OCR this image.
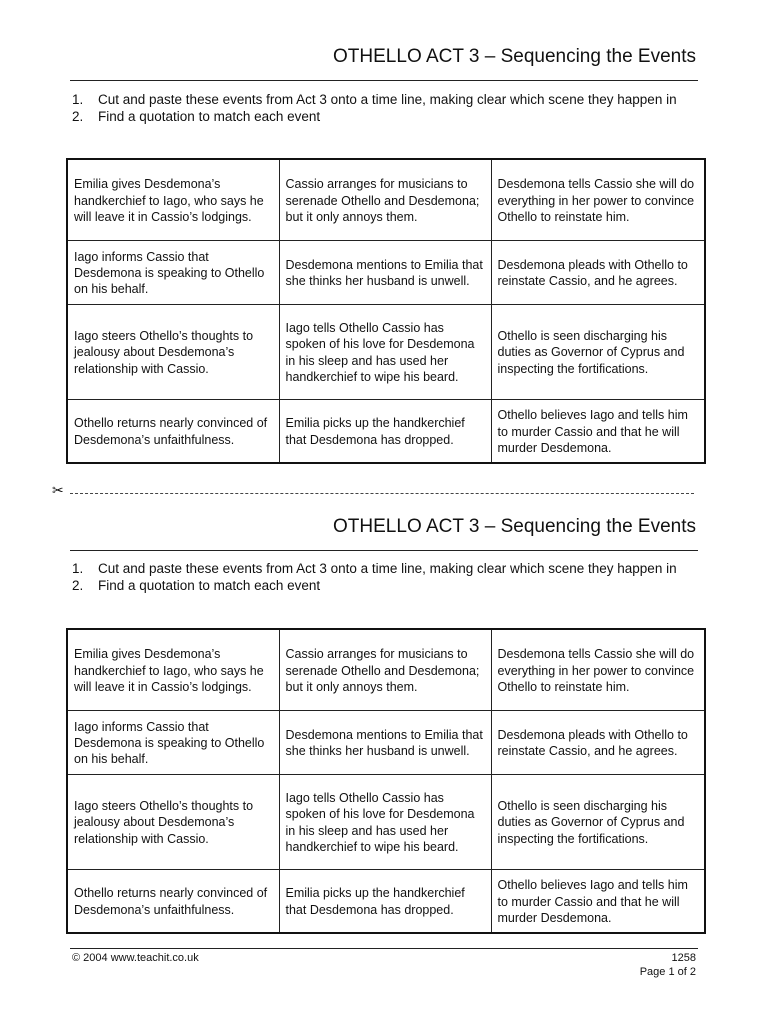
OTHELLO ACT 3 – Sequencing the Events
1. Cut and paste these events from Act 3 onto a time line, making clear which scene they happen in
2. Find a quotation to match each event
Emilia gives Desdemona’s handkerchief to Iago, who says he will leave it in Cassio’s lodgings.	Cassio arranges for musicians to serenade Othello and Desdemona; but it only annoys them.	Desdemona tells Cassio she will do everything in her power to convince Othello to reinstate him.
Iago informs Cassio that Desdemona is speaking to Othello on his behalf.	Desdemona mentions to Emilia that she thinks her husband is unwell.	Desdemona pleads with Othello to reinstate Cassio, and he agrees.
Iago steers Othello’s thoughts to jealousy about Desdemona’s relationship with Cassio.	Iago tells Othello Cassio has spoken of his love for Desdemona in his sleep and has used her handkerchief to wipe his beard.	Othello is seen discharging his duties as Governor of Cyprus and inspecting the fortifications.
Othello returns nearly convinced of Desdemona’s unfaithfulness.	Emilia picks up the handkerchief that Desdemona has dropped.	Othello believes Iago and tells him to murder Cassio and that he will murder Desdemona.
✂
OTHELLO ACT 3 – Sequencing the Events
1. Cut and paste these events from Act 3 onto a time line, making clear which scene they happen in
2. Find a quotation to match each event
Emilia gives Desdemona’s handkerchief to Iago, who says he will leave it in Cassio’s lodgings.	Cassio arranges for musicians to serenade Othello and Desdemona; but it only annoys them.	Desdemona tells Cassio she will do everything in her power to convince Othello to reinstate him.
Iago informs Cassio that Desdemona is speaking to Othello on his behalf.	Desdemona mentions to Emilia that she thinks her husband is unwell.	Desdemona pleads with Othello to reinstate Cassio, and he agrees.
Iago steers Othello’s thoughts to jealousy about Desdemona’s relationship with Cassio.	Iago tells Othello Cassio has spoken of his love for Desdemona in his sleep and has used her handkerchief to wipe his beard.	Othello is seen discharging his duties as Governor of Cyprus and inspecting the fortifications.
Othello returns nearly convinced of Desdemona’s unfaithfulness.	Emilia picks up the handkerchief that Desdemona has dropped.	Othello believes Iago and tells him to murder Cassio and that he will murder Desdemona.
© 2004 www.teachit.co.uk	1258
Page 1 of 2
